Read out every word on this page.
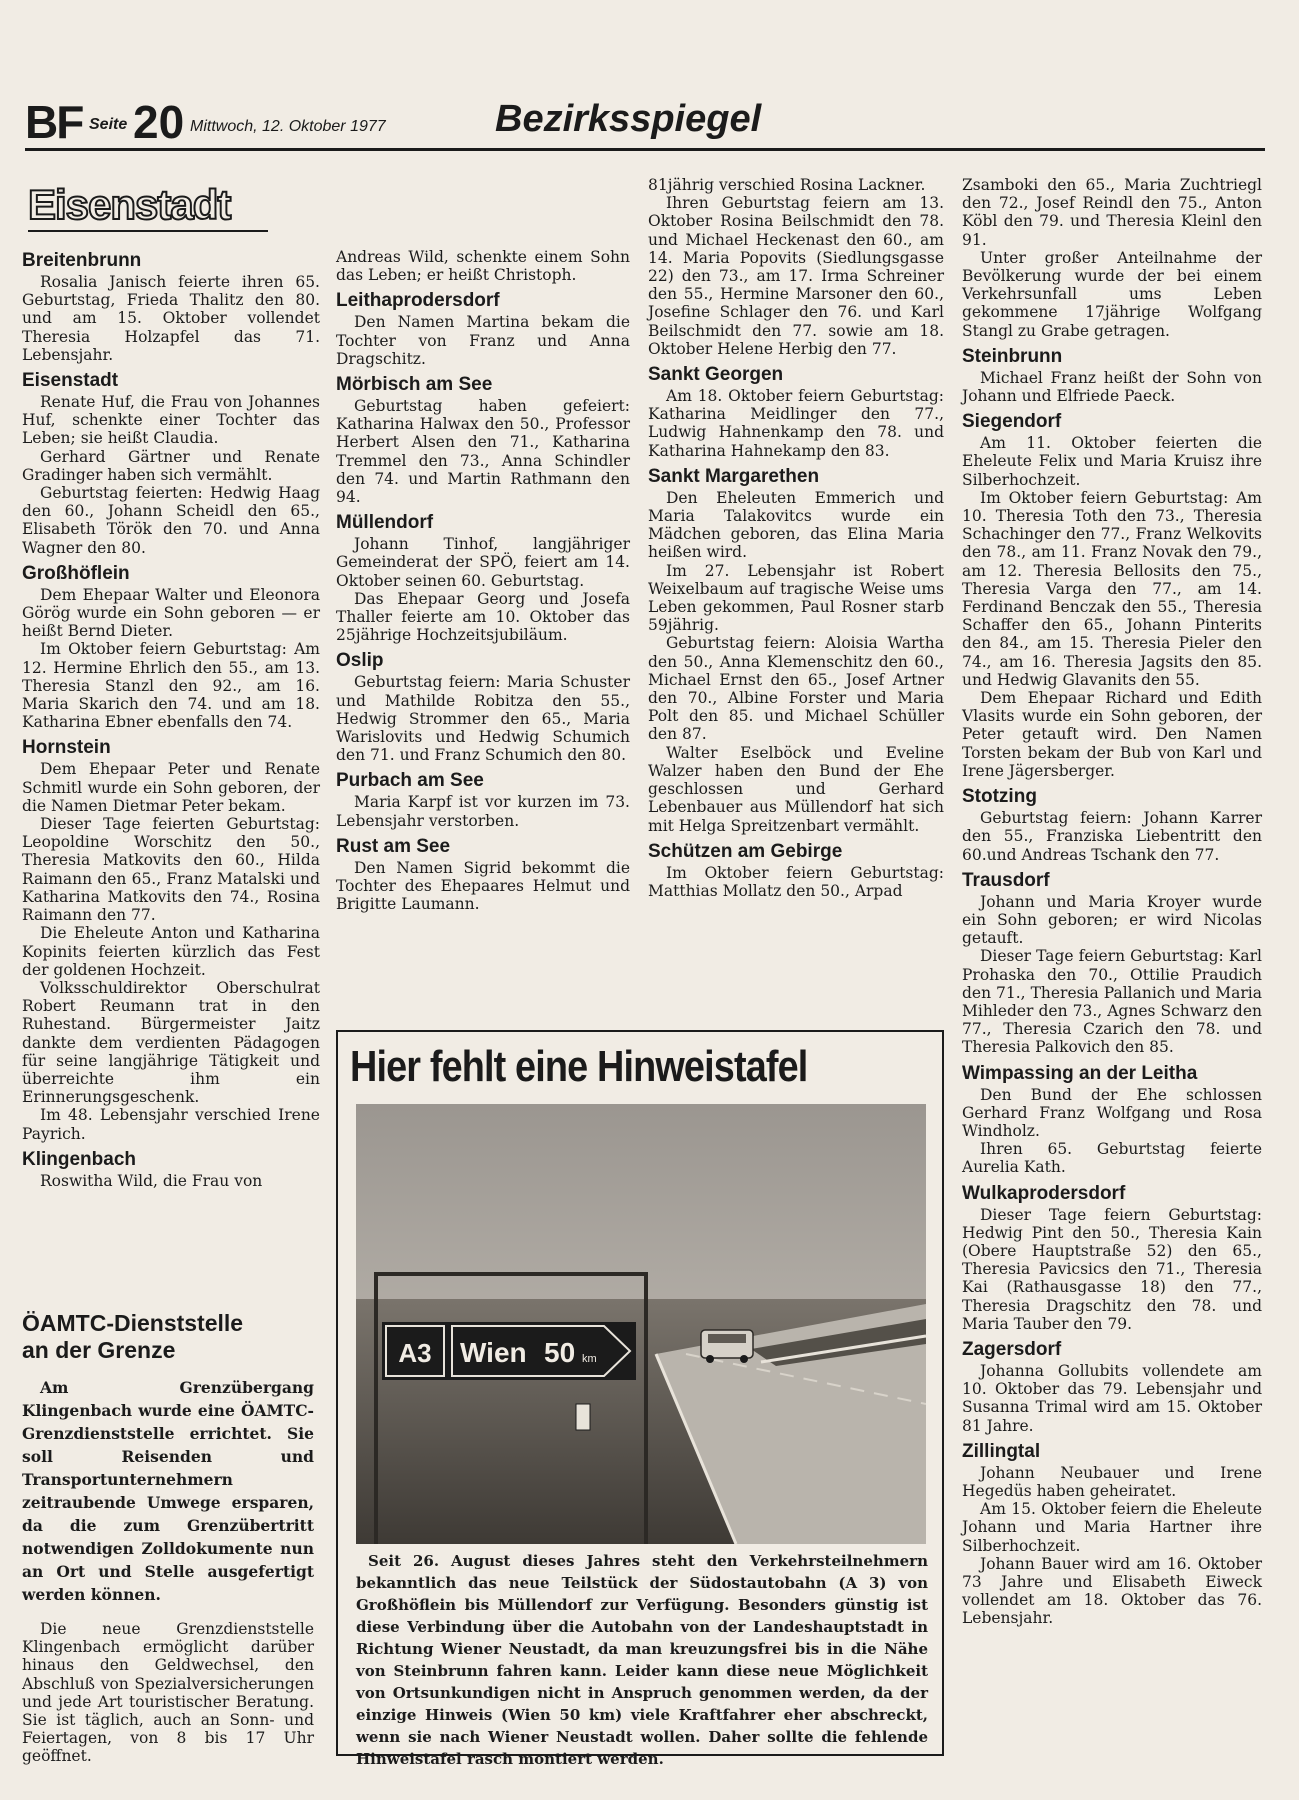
BF Seite 20 Mittwoch, 12. Oktober 1977	Bezirksspiegel
Eisenstadt
Breitenbrunn

Rosalia Janisch feierte ihren 65. Geburtstag, Frieda Thalitz den 80. und am 15. Oktober vollendet Theresia Holzapfel das 71. Lebensjahr.

Eisenstadt

Renate Huf, die Frau von Johannes Huf, schenkte einer Tochter das Leben; sie heißt Claudia.

Gerhard Gärtner und Renate Gradinger haben sich vermählt.

Geburtstag feierten: Hedwig Haag den 60., Johann Scheidl den 65., Elisabeth Török den 70. und Anna Wagner den 80.

Großhöflein

Dem Ehepaar Walter und Eleonora Görög wurde ein Sohn geboren — er heißt Bernd Dieter.

Im Oktober feiern Geburtstag: Am 12. Hermine Ehrlich den 55., am 13. Theresia Stanzl den 92., am 16. Maria Skarich den 74. und am 18. Katharina Ebner ebenfalls den 74.

Hornstein

Dem Ehepaar Peter und Renate Schmitl wurde ein Sohn geboren, der die Namen Dietmar Peter bekam.

Dieser Tage feierten Geburtstag: Leopoldine Worschitz den 50., Theresia Matkovits den 60., Hilda Raimann den 65., Franz Matalski und Katharina Matkovits den 74., Rosina Raimann den 77.

Die Eheleute Anton und Katharina Kopinits feierten kürzlich das Fest der goldenen Hochzeit.

Volksschuldirektor Oberschulrat Robert Reumann trat in den Ruhestand. Bürgermeister Jaitz dankte dem verdienten Pädagogen für seine langjährige Tätigkeit und überreichte ihm ein Erinnerungsgeschenk.

Im 48. Lebensjahr verschied Irene Payrich.

Klingenbach

Roswitha Wild, die Frau von

ÖAMTC-Dienststelle an der Grenze

Am Grenzübergang Klingenbach wurde eine ÖAMTC-Grenzdienststelle errichtet. Sie soll Reisenden und Transportunternehmern zeitraubende Umwege ersparen, da die zum Grenzübertritt notwendigen Zolldokumente nun an Ort und Stelle ausgefertigt werden können.

Die neue Grenzdienststelle Klingenbach ermöglicht darüber hinaus den Geldwechsel, den Abschluß von Spezialversicherungen und jede Art touristischer Beratung. Sie ist täglich, auch an Sonn- und Feiertagen, von 8 bis 17 Uhr geöffnet.

Andreas Wild, schenkte einem Sohn das Leben; er heißt Christoph.

Leithaprodersdorf

Den Namen Martina bekam die Tochter von Franz und Anna Dragschitz.

Mörbisch am See

Geburtstag haben gefeiert: Katharina Halwax den 50., Professor Herbert Alsen den 71., Katharina Tremmel den 73., Anna Schindler den 74. und Martin Rathmann den 94.

Müllendorf

Johann Tinhof, langjähriger Gemeinderat der SPÖ, feiert am 14. Oktober seinen 60. Geburtstag.

Das Ehepaar Georg und Josefa Thaller feierte am 10. Oktober das 25jährige Hochzeitsjubiläum.

Oslip

Geburtstag feiern: Maria Schuster und Mathilde Robitza den 55., Hedwig Strommer den 65., Maria Warislovits und Hedwig Schumich den 71. und Franz Schumich den 80.

Purbach am See

Maria Karpf ist vor kurzen im 73. Lebensjahr verstorben.

Rust am See

Den Namen Sigrid bekommt die Tochter des Ehepaares Helmut und Brigitte Laumann.

81jährig verschied Rosina Lackner.

Ihren Geburtstag feiern am 13. Oktober Rosina Beilschmidt den 78. und Michael Heckenast den 60., am 14. Maria Popovits (Siedlungsgasse 22) den 73., am 17. Irma Schreiner den 55., Hermine Marsoner den 60., Josefine Schlager den 76. und Karl Beilschmidt den 77. sowie am 18. Oktober Helene Herbig den 77.

Sankt Georgen

Am 18. Oktober feiern Geburtstag: Katharina Meidlinger den 77., Ludwig Hahnenkamp den 78. und Katharina Hahnekamp den 83.

Sankt Margarethen

Den Eheleuten Emmerich und Maria Talakovitcs wurde ein Mädchen geboren, das Elina Maria heißen wird.

Im 27. Lebensjahr ist Robert Weixelbaum auf tragische Weise ums Leben gekommen, Paul Rosner starb 59jährig.

Geburtstag feiern: Aloisia Wartha den 50., Anna Klemenschitz den 60., Michael Ernst den 65., Josef Artner den 70., Albine Forster und Maria Polt den 85. und Michael Schüller den 87.

Walter Eselböck und Eveline Walzer haben den Bund der Ehe geschlossen und Gerhard Lebenbauer aus Müllendorf hat sich mit Helga Spreitzenbart vermählt.

Schützen am Gebirge

Im Oktober feiern Geburtstag: Matthias Mollatz den 50., Arpad

Zsamboki den 65., Maria Zuchtriegl den 72., Josef Reindl den 75., Anton Köbl den 79. und Theresia Kleinl den 91.

Unter großer Anteilnahme der Bevölkerung wurde der bei einem Verkehrsunfall ums Leben gekommene 17jährige Wolfgang Stangl zu Grabe getragen.

Steinbrunn

Michael Franz heißt der Sohn von Johann und Elfriede Paeck.

Siegendorf

Am 11. Oktober feierten die Eheleute Felix und Maria Kruisz ihre Silberhochzeit.

Im Oktober feiern Geburtstag: Am 10. Theresia Toth den 73., Theresia Schachinger den 77., Franz Welkovits den 78., am 11. Franz Novak den 79., am 12. Theresia Bellosits den 75., Theresia Varga den 77., am 14. Ferdinand Benczak den 55., Theresia Schaffer den 65., Johann Pinterits den 84., am 15. Theresia Pieler den 74., am 16. Theresia Jagsits den 85. und Hedwig Glavanits den 55.

Dem Ehepaar Richard und Edith Vlasits wurde ein Sohn geboren, der Peter getauft wird. Den Namen Torsten bekam der Bub von Karl und Irene Jägersberger.

Stotzing

Geburtstag feiern: Johann Karrer den 55., Franziska Liebentritt den 60.und Andreas Tschank den 77.

Trausdorf

Johann und Maria Kroyer wurde ein Sohn geboren; er wird Nicolas getauft.

Dieser Tage feiern Geburtstag: Karl Prohaska den 70., Ottilie Praudich den 71., Theresia Pallanich und Maria Mihleder den 73., Agnes Schwarz den 77., Theresia Czarich den 78. und Theresia Palkovich den 85.

Wimpassing an der Leitha

Den Bund der Ehe schlossen Gerhard Franz Wolfgang und Rosa Windholz.

Ihren 65. Geburtstag feierte Aurelia Kath.

Wulkaprodersdorf

Dieser Tage feiern Geburtstag: Hedwig Pint den 50., Theresia Kain (Obere Hauptstraße 52) den 65., Theresia Pavicsics den 71., Theresia Kai (Rathausgasse 18) den 77., Theresia Dragschitz den 78. und Maria Tauber den 79.

Zagersdorf

Johanna Gollubits vollendete am 10. Oktober das 79. Lebensjahr und Susanna Trimal wird am 15. Oktober 81 Jahre.

Zillingtal

Johann Neubauer und Irene Hegedüs haben geheiratet.

Am 15. Oktober feiern die Eheleute Johann und Maria Hartner ihre Silberhochzeit.

Johann Bauer wird am 16. Oktober 73 Jahre und Elisabeth Eiweck vollendet am 18. Oktober das 76. Lebensjahr.

Hier fehlt eine Hinweistafel
A3 Wien 50 km

Seit 26. August dieses Jahres steht den Verkehrsteilnehmern bekanntlich das neue Teilstück der Südostautobahn (A 3) von Großhöflein bis Müllendorf zur Verfügung. Besonders günstig ist diese Verbindung über die Autobahn von der Landeshauptstadt in Richtung Wiener Neustadt, da man kreuzungsfrei bis in die Nähe von Steinbrunn fahren kann. Leider kann diese neue Möglichkeit von Ortsunkundigen nicht in Anspruch genommen werden, da der einzige Hinweis (Wien 50 km) viele Kraftfahrer eher abschreckt, wenn sie nach Wiener Neustadt wollen. Daher sollte die fehlende Hinweistafel rasch montiert werden.
